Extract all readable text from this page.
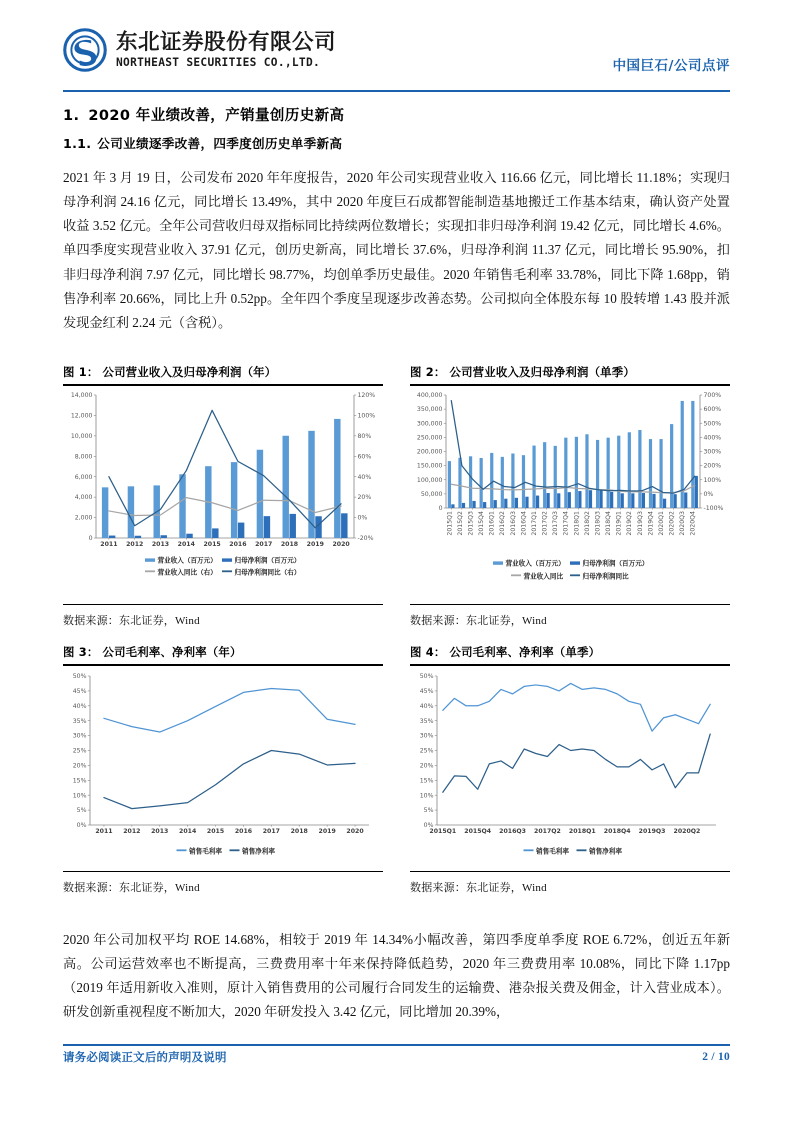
东北证券股份有限公司
NORTHEAST SECURITIES CO.,LTD.	中国巨石/公司点评
1. 2020 年业绩改善，产销量创历史新高
1.1. 公司业绩逐季改善，四季度创历史单季新高

2021 年 3 月 19 日，公司发布 2020 年年度报告，2020 年公司实现营业收入 116.66 亿元，同比增长 11.18%；实现归母净利润 24.16 亿元，同比增长 13.49%，其中 2020 年度巨石成都智能制造基地搬迁工作基本结束，确认资产处置收益 3.52 亿元。全年公司营收归母双指标同比持续两位数增长；实现扣非归母净利润 19.42 亿元，同比增长 4.6%。单四季度实现营业收入 37.91 亿元，创历史新高，同比增长 37.6%，归母净利润 11.37 亿元，同比增长 95.90%，扣非归母净利润 7.97 亿元，同比增长 98.77%，均创单季历史最佳。2020 年销售毛利率 33.78%，同比下降 1.68pp，销售净利率 20.66%，同比上升 0.52pp。全年四个季度呈现逐步改善态势。公司拟向全体股东每 10 股转增 1.43 股并派发现金红利 2.24 元（含税）。

图 1： 公司营业收入及归母净利润（年）
0
2,000
4,000
6,000
8,000
10,000
12,000
14,000
-20%
0%
20%
40%
60%
80%
100%
120%
2011 2012 2013 2014 2015 2016 2017 2018 2019 2020
营业收入（百万元）	归母净利润（百万元）
营业收入同比（右）	归母净利润同比（右）
数据来源：东北证券，Wind
图 2： 公司营业收入及归母净利润（单季）
0
50,000
100,000
150,000
200,000
250,000
300,000
350,000
400,000
-100%
0%
100%
200%
300%
400%
500%
600%
700%
2015Q1 2015Q2 2015Q3 2015Q4 2016Q1 2016Q2 2016Q3 2016Q4 2017Q1 2017Q2 2017Q3 2017Q4 2018Q1 2018Q2 2018Q3 2018Q4 2019Q1 2019Q2 2019Q3 2019Q4 2020Q1 2020Q2 2020Q3 2020Q4
营业收入（百万元）	归母净利润（百万元）
营业收入同比	归母净利润同比
数据来源：东北证券，Wind
图 3： 公司毛利率、净利率（年）
0%
5%
10%
15%
20%
25%
30%
35%
40%
45%
50%
2011 2012 2013 2014 2015 2016 2017 2018 2019 2020
销售毛利率	销售净利率
数据来源：东北证券，Wind
图 4： 公司毛利率、净利率（单季）
0%
5%
10%
15%
20%
25%
30%
35%
40%
45%
50%
2015Q1 2015Q4 2016Q3 2017Q2 2018Q1 2018Q4 2019Q3 2020Q2
销售毛利率	销售净利率
数据来源：东北证券，Wind

2020 年公司加权平均 ROE 14.68%，相较于 2019 年 14.34%小幅改善，第四季度单季度 ROE 6.72%，创近五年新高。公司运营效率也不断提高，三费费用率十年来保持降低趋势，2020 年三费费用率 10.08%，同比下降 1.17pp（2019 年适用新收入准则，原计入销售费用的公司履行合同发生的运输费、港杂报关费及佣金，计入营业成本）。研发创新重视程度不断加大，2020 年研发投入 3.42 亿元，同比增加 20.39%，

请务必阅读正文后的声明及说明	2 / 10
